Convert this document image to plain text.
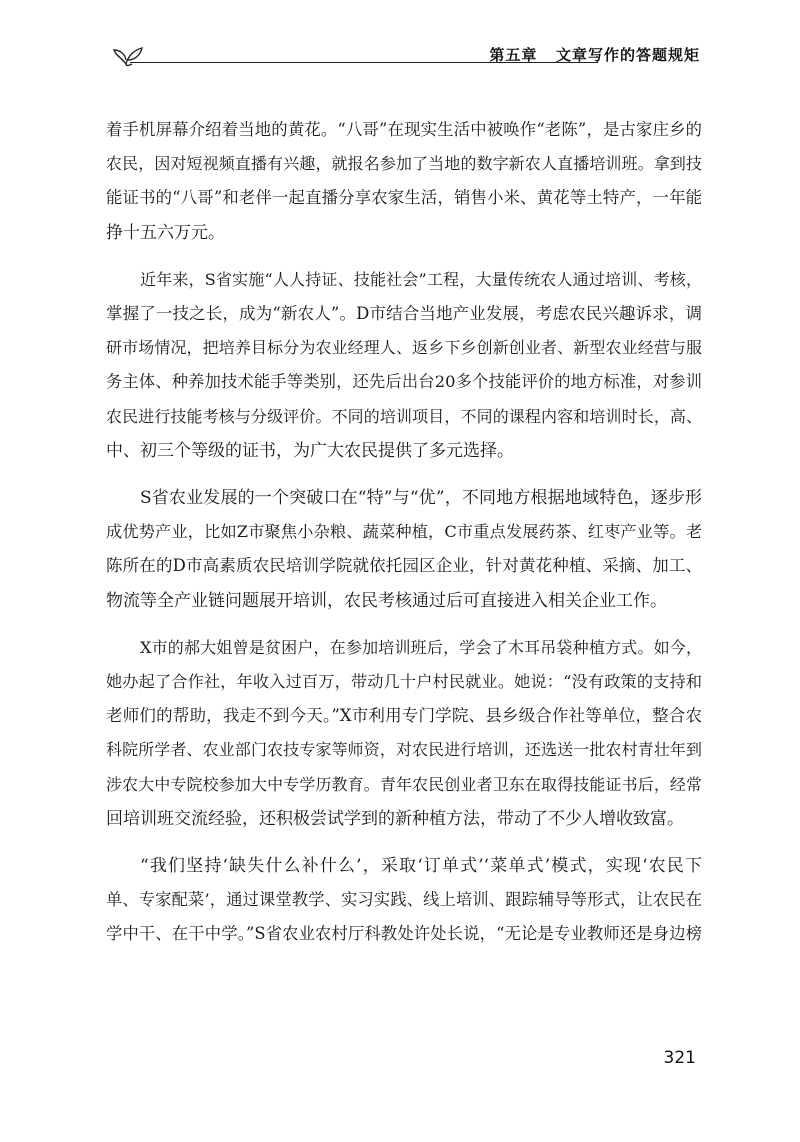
第五章   文章写作的答题规矩

着手机屏幕介绍着当地的黄花。“八哥”在现实生活中被唤作“老陈”，是古家庄乡的
农民，因对短视频直播有兴趣，就报名参加了当地的数字新农人直播培训班。拿到技
能证书的“八哥”和老伴一起直播分享农家生活，销售小米、黄花等土特产，一年能
挣十五六万元。

近年来，S省实施“人人持证、技能社会”工程，大量传统农人通过培训、考核，
掌握了一技之长，成为“新农人”。D市结合当地产业发展，考虑农民兴趣诉求，调
研市场情况，把培养目标分为农业经理人、返乡下乡创新创业者、新型农业经营与服
务主体、种养加技术能手等类别，还先后出台20多个技能评价的地方标准，对参训
农民进行技能考核与分级评价。不同的培训项目，不同的课程内容和培训时长，高、
中、初三个等级的证书，为广大农民提供了多元选择。

S省农业发展的一个突破口在“特”与“优”，不同地方根据地域特色，逐步形
成优势产业，比如Z市聚焦小杂粮、蔬菜种植，C市重点发展药茶、红枣产业等。老
陈所在的D市高素质农民培训学院就依托园区企业，针对黄花种植、采摘、加工、
物流等全产业链问题展开培训，农民考核通过后可直接进入相关企业工作。

X市的郝大姐曾是贫困户，在参加培训班后，学会了木耳吊袋种植方式。如今，
她办起了合作社，年收入过百万，带动几十户村民就业。她说：“没有政策的支持和
老师们的帮助，我走不到今天。”X市利用专门学院、县乡级合作社等单位，整合农
科院所学者、农业部门农技专家等师资，对农民进行培训，还选送一批农村青壮年到
涉农大中专院校参加大中专学历教育。青年农民创业者卫东在取得技能证书后，经常
回培训班交流经验，还积极尝试学到的新种植方法，带动了不少人增收致富。

“我们坚持‘缺失什么补什么’，采取‘订单式’‘菜单式’模式，实现‘农民下
单、专家配菜’，通过课堂教学、实习实践、线上培训、跟踪辅导等形式，让农民在
学中干、在干中学。”S省农业农村厅科教处许处长说，“无论是专业教师还是身边榜

321
